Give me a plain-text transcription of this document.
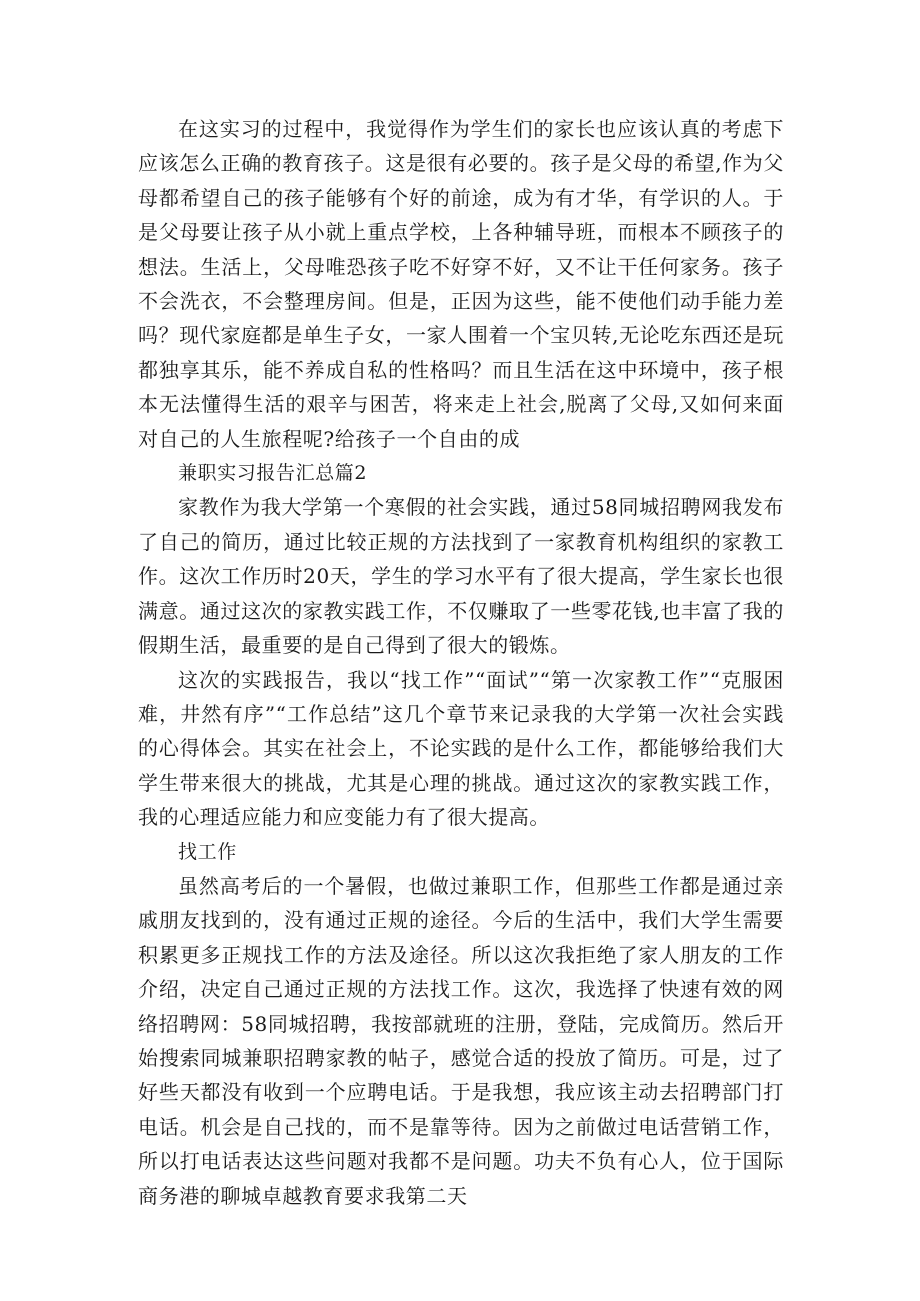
在这实习的过程中，我觉得作为学生们的家长也应该认真的考虑下应该怎么正确的教育孩子。这是很有必要的。孩子是父母的希望,作为父母都希望自己的孩子能够有个好的前途，成为有才华，有学识的人。于是父母要让孩子从小就上重点学校，上各种辅导班，而根本不顾孩子的想法。生活上，父母唯恐孩子吃不好穿不好，又不让干任何家务。孩子不会洗衣，不会整理房间。但是，正因为这些，能不使他们动手能力差吗？现代家庭都是单生子女，一家人围着一个宝贝转,无论吃东西还是玩都独享其乐，能不养成自私的性格吗？而且生活在这中环境中，孩子根本无法懂得生活的艰辛与困苦，将来走上社会,脱离了父母,又如何来面对自己的人生旅程呢?给孩子一个自由的成

兼职实习报告汇总篇2

家教作为我大学第一个寒假的社会实践，通过58同城招聘网我发布了自己的简历，通过比较正规的方法找到了一家教育机构组织的家教工作。这次工作历时20天，学生的学习水平有了很大提高，学生家长也很满意。通过这次的家教实践工作，不仅赚取了一些零花钱,也丰富了我的假期生活，最重要的是自己得到了很大的锻炼。

这次的实践报告，我以“找工作”“面试”“第一次家教工作”“克服困难，井然有序”“工作总结”这几个章节来记录我的大学第一次社会实践的心得体会。其实在社会上，不论实践的是什么工作，都能够给我们大学生带来很大的挑战，尤其是心理的挑战。通过这次的家教实践工作，我的心理适应能力和应变能力有了很大提高。

找工作

虽然高考后的一个暑假，也做过兼职工作，但那些工作都是通过亲戚朋友找到的，没有通过正规的途径。今后的生活中，我们大学生需要积累更多正规找工作的方法及途径。所以这次我拒绝了家人朋友的工作介绍，决定自己通过正规的方法找工作。这次，我选择了快速有效的网络招聘网：58同城招聘，我按部就班的注册，登陆，完成简历。然后开始搜索同城兼职招聘家教的帖子，感觉合适的投放了简历。可是，过了好些天都没有收到一个应聘电话。于是我想，我应该主动去招聘部门打电话。机会是自己找的，而不是靠等待。因为之前做过电话营销工作，所以打电话表达这些问题对我都不是问题。功夫不负有心人，位于国际商务港的聊城卓越教育要求我第二天
